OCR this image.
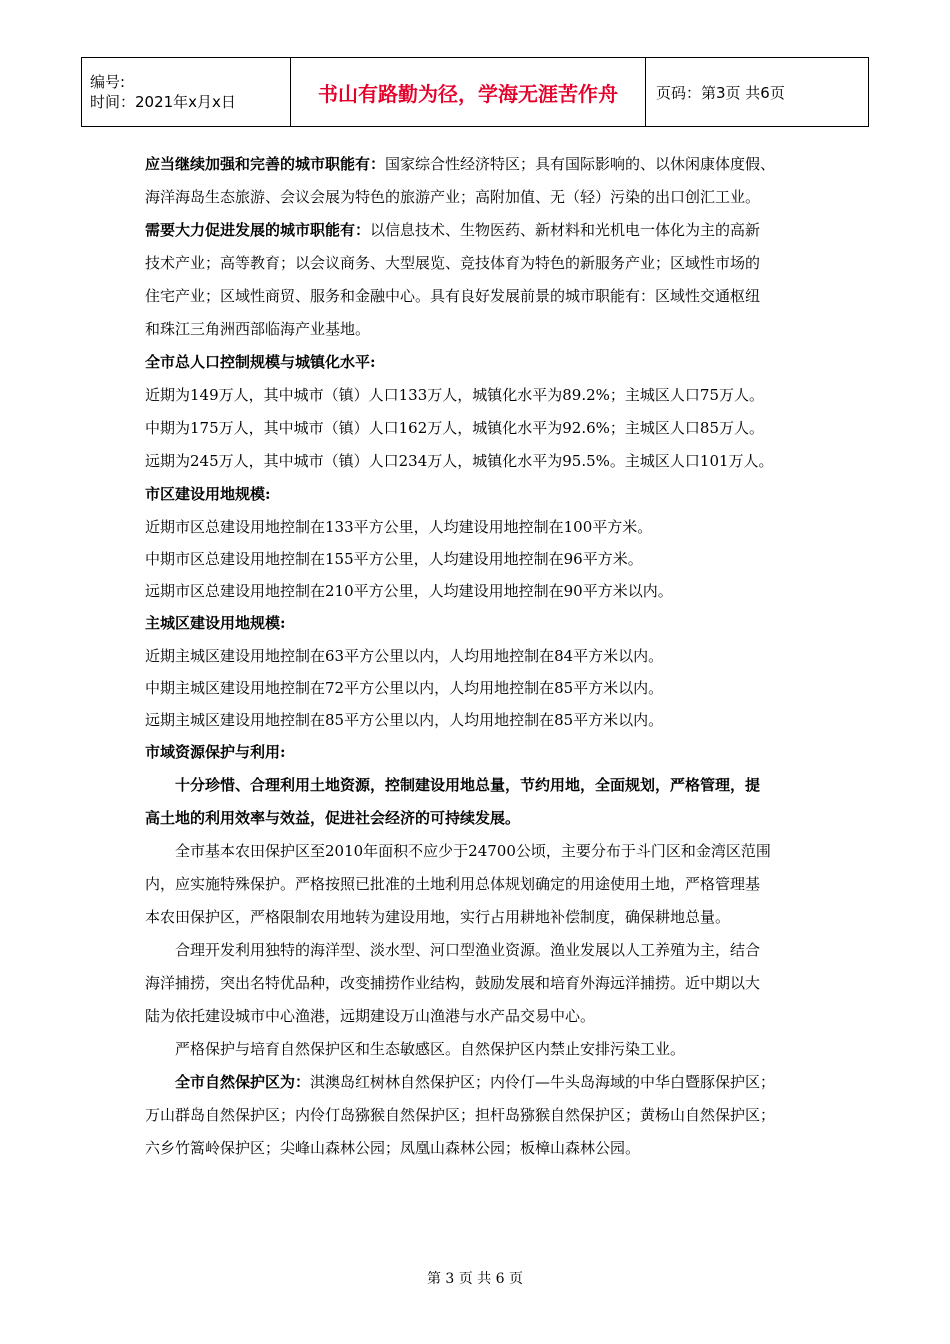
编号:
时间：2021年x月x日	书山有路勤为径，学海无涯苦作舟	页码：第3页 共6页
应当继续加强和完善的城市职能有：国家综合性经济特区；具有国际影响的、以休闲康体度假、
海洋海岛生态旅游、会议会展为特色的旅游产业；高附加值、无（轻）污染的出口创汇工业。
需要大力促进发展的城市职能有：以信息技术、生物医药、新材料和光机电一体化为主的高新
技术产业；高等教育；以会议商务、大型展览、竞技体育为特色的新服务产业；区域性市场的
住宅产业；区域性商贸、服务和金融中心。具有良好发展前景的城市职能有：区域性交通枢纽
和珠江三角洲西部临海产业基地。
全市总人口控制规模与城镇化水平:
近期为149万人，其中城市（镇）人口133万人，城镇化水平为89.2%；主城区人口75万人。
中期为175万人，其中城市（镇）人口162万人，城镇化水平为92.6%；主城区人口85万人。
远期为245万人，其中城市（镇）人口234万人，城镇化水平为95.5%。主城区人口101万人。
市区建设用地规模:
近期市区总建设用地控制在133平方公里，人均建设用地控制在100平方米。
中期市区总建设用地控制在155平方公里，人均建设用地控制在96平方米。
远期市区总建设用地控制在210平方公里，人均建设用地控制在90平方米以内。
主城区建设用地规模:
近期主城区建设用地控制在63平方公里以内，人均用地控制在84平方米以内。
中期主城区建设用地控制在72平方公里以内，人均用地控制在85平方米以内。
远期主城区建设用地控制在85平方公里以内，人均用地控制在85平方米以内。
市域资源保护与利用:
十分珍惜、合理利用土地资源，控制建设用地总量，节约用地，全面规划，严格管理，提
高土地的利用效率与效益，促进社会经济的可持续发展。
全市基本农田保护区至2010年面积不应少于24700公顷，主要分布于斗门区和金湾区范围
内，应实施特殊保护。严格按照已批准的土地利用总体规划确定的用途使用土地，严格管理基
本农田保护区，严格限制农用地转为建设用地，实行占用耕地补偿制度，确保耕地总量。
合理开发利用独特的海洋型、淡水型、河口型渔业资源。渔业发展以人工养殖为主，结合
海洋捕捞，突出名特优品种，改变捕捞作业结构，鼓励发展和培育外海远洋捕捞。近中期以大
陆为依托建设城市中心渔港，远期建设万山渔港与水产品交易中心。
严格保护与培育自然保护区和生态敏感区。自然保护区内禁止安排污染工业。
全市自然保护区为：淇澳岛红树林自然保护区；内伶仃—牛头岛海域的中华白暨豚保护区；
万山群岛自然保护区；内伶仃岛猕猴自然保护区；担杆岛猕猴自然保护区；黄杨山自然保护区；
六乡竹篙岭保护区；尖峰山森林公园；凤凰山森林公园；板樟山森林公园。
第 3 页 共 6 页
